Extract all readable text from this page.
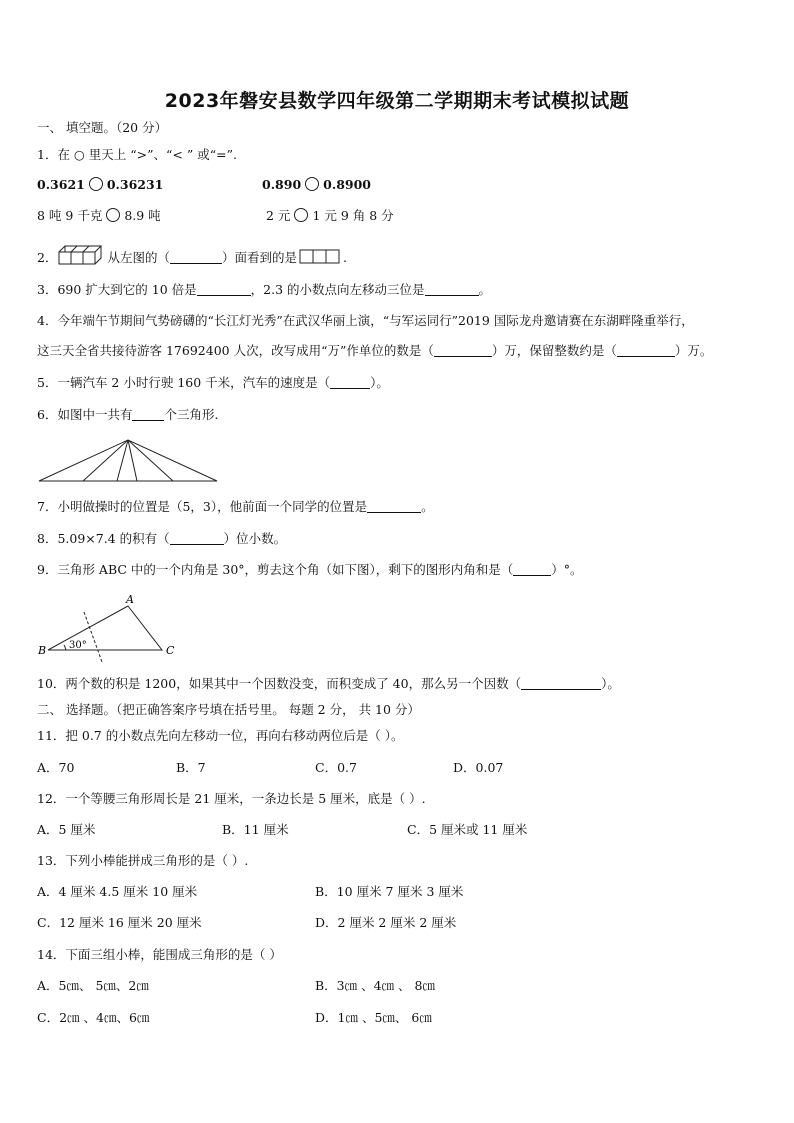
2023年磐安县数学四年级第二学期期末考试模拟试题
一、 填空题。（20 分）
1．在 ○ 里天上 “>”、“< ” 或“=”.
0.3621 0.36231	0.890 0.8900
8 吨 9 千克 8.9 吨	2 元 1 元 9 角 8 分
2．	从左图的（	）面看到的是	.
3．690 扩大到它的 10 倍是	，2.3 的小数点向左移动三位是	。
4．今年端午节期间气势磅礴的“长江灯光秀”在武汉华丽上演，“与军运同行”2019 国际龙舟邀请赛在东湖畔隆重举行，
这三天全省共接待游客 17692400 人次，改写成用“万”作单位的数是（	）万，保留整数约是（	）万。
5．一辆汽车 2 小时行驶 160 千米，汽车的速度是（	）。
6．如图中一共有	个三角形.
7．小明做操时的位置是（5，3），他前面一个同学的位置是	。
8．5.09×7.4 的积有（	）位小数。
9．三角形 ABC 中的一个内角是 30°，剪去这个角（如下图），剩下的图形内角和是（	）°。
A
B	C
30°
10．两个数的积是 1200，如果其中一个因数没变，而积变成了 40，那么另一个因数（	）。
二、 选择题。（把正确答案序号填在括号里。 每题 2 分， 共 10 分）
11．把 0.7 的小数点先向左移动一位，再向右移动两位后是（ ）。
A．70	B．7	C．0.7	D．0.07
12．一个等腰三角形周长是 21 厘米，一条边长是 5 厘米，底是（ ）.
A．5 厘米	B．11 厘米	C．5 厘米或 11 厘米
13．下列小棒能拼成三角形的是（ ）.
A．4 厘米 4.5 厘米 10 厘米	B．10 厘米 7 厘米 3 厘米
C．12 厘米 16 厘米 20 厘米	D．2 厘米 2 厘米 2 厘米
14．下面三组小棒，能围成三角形的是（ ）
A．5㎝、 5㎝、2㎝	B．3㎝ 、4㎝ 、 8㎝
C．2㎝ 、4㎝、6㎝	D．1㎝ 、5㎝、 6㎝
